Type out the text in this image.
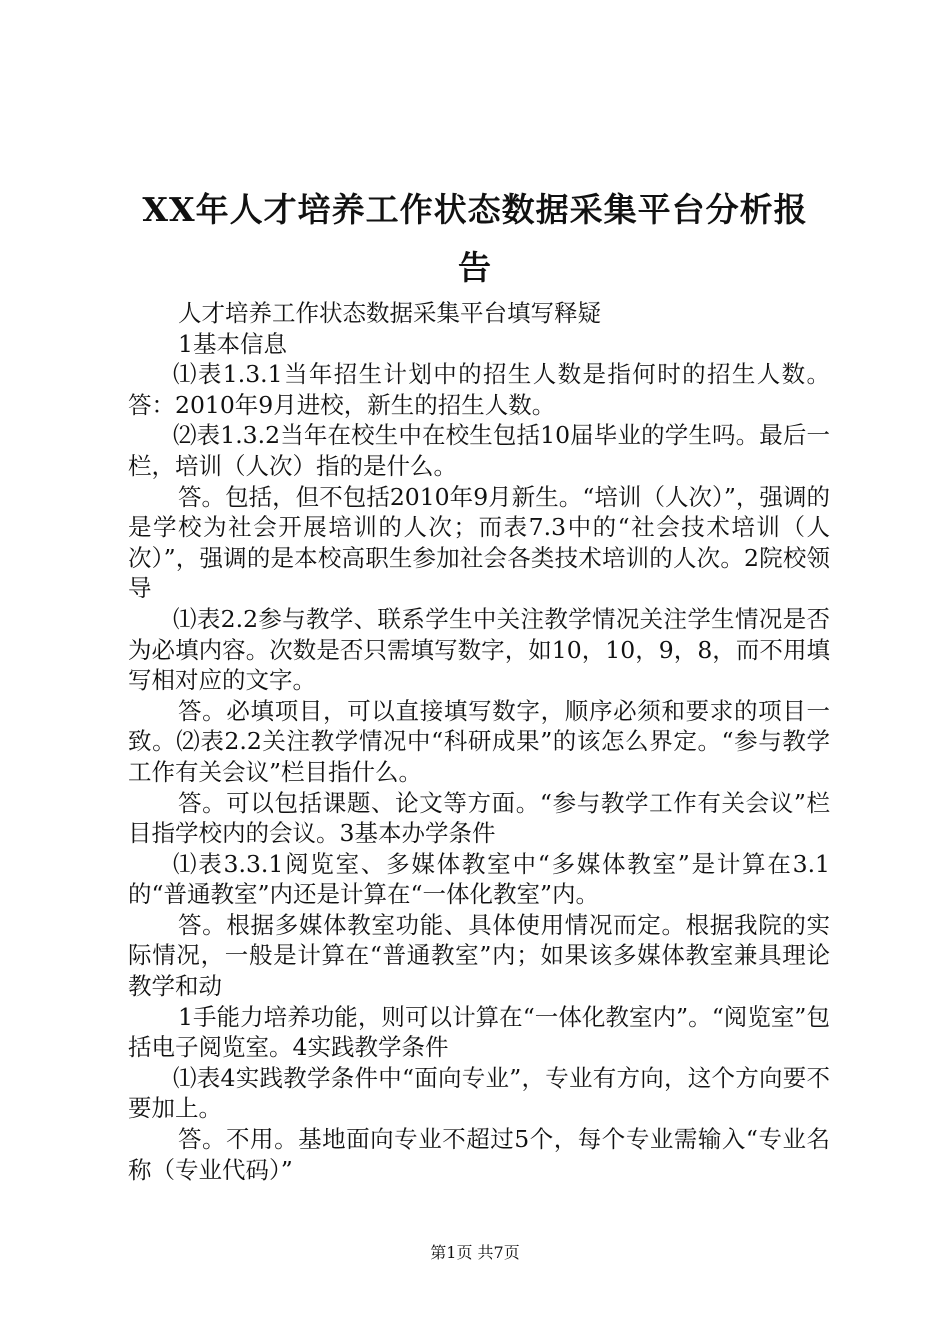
XX年人才培养工作状态数据采集平台分析报告

人才培养工作状态数据采集平台填写释疑

1基本信息

⑴表1.3.1当年招生计划中的招生人数是指何时的招生人数。答：2010年9月进校，新生的招生人数。

⑵表1.3.2当年在校生中在校生包括10届毕业的学生吗。最后一栏，培训（人次）指的是什么。

答。包括，但不包括2010年9月新生。“培训（人次）”，强调的是学校为社会开展培训的人次；而表7.3中的“社会技术培训（人次）”，强调的是本校高职生参加社会各类技术培训的人次。2院校领导

⑴表2.2参与教学、联系学生中关注教学情况关注学生情况是否为必填内容。次数是否只需填写数字，如10，10，9，8，而不用填写相对应的文字。

答。必填项目，可以直接填写数字，顺序必须和要求的项目一致。⑵表2.2关注教学情况中“科研成果”的该怎么界定。“参与教学工作有关会议”栏目指什么。

答。可以包括课题、论文等方面。“参与教学工作有关会议”栏目指学校内的会议。3基本办学条件

⑴表3.3.1阅览室、多媒体教室中“多媒体教室”是计算在3.1的“普通教室”内还是计算在“一体化教室”内。

答。根据多媒体教室功能、具体使用情况而定。根据我院的实际情况，一般是计算在“普通教室”内；如果该多媒体教室兼具理论教学和动

1手能力培养功能，则可以计算在“一体化教室内”。“阅览室”包括电子阅览室。4实践教学条件

⑴表4实践教学条件中“面向专业”，专业有方向，这个方向要不要加上。

答。不用。基地面向专业不超过5个，每个专业需输入“专业名称（专业代码）”

第1页 共7页
